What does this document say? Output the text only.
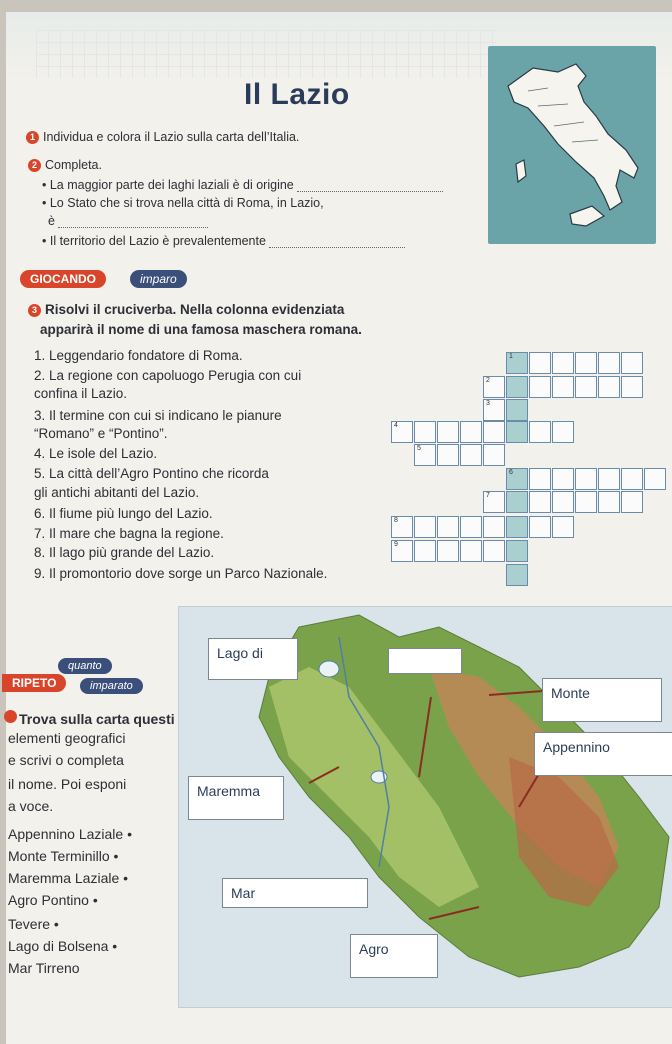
Il Lazio
1 Individua e colora il Lazio sulla carta dell’Italia.
2 Completa.
• La maggior parte dei laghi laziali è di origine
• Lo Stato che si trova nella città di Roma, in Lazio,
è
• Il territorio del Lazio è prevalentemente
GIOCANDO	imparo
3 Risolvi il cruciverba. Nella colonna evidenziata
apparirà il nome di una famosa maschera romana.
1. Leggendario fondatore di Roma.
2. La regione con capoluogo Perugia con cui
confina il Lazio.
3. Il termine con cui si indicano le pianure
“Romano” e “Pontino”.
4. Le isole del Lazio.
5. La città dell’Agro Pontino che ricorda
gli antichi abitanti del Lazio.
6. Il fiume più lungo del Lazio.
7. Il mare che bagna la regione.
8. Il lago più grande del Lazio.
9. Il promontorio dove sorge un Parco Nazionale.
1
2
3
4
5
6
7
8
9
RIPETO
quanto
imparato
Trova sulla carta questi
elementi geografici
e scrivi o completa
il nome. Poi esponi
a voce.
Appennino Laziale •
Monte Terminillo •
Maremma Laziale •
Agro Pontino •
Tevere •
Lago di Bolsena •
Mar Tirreno
Lago di
Monte
Appennino
Maremma
Mar
Agro
